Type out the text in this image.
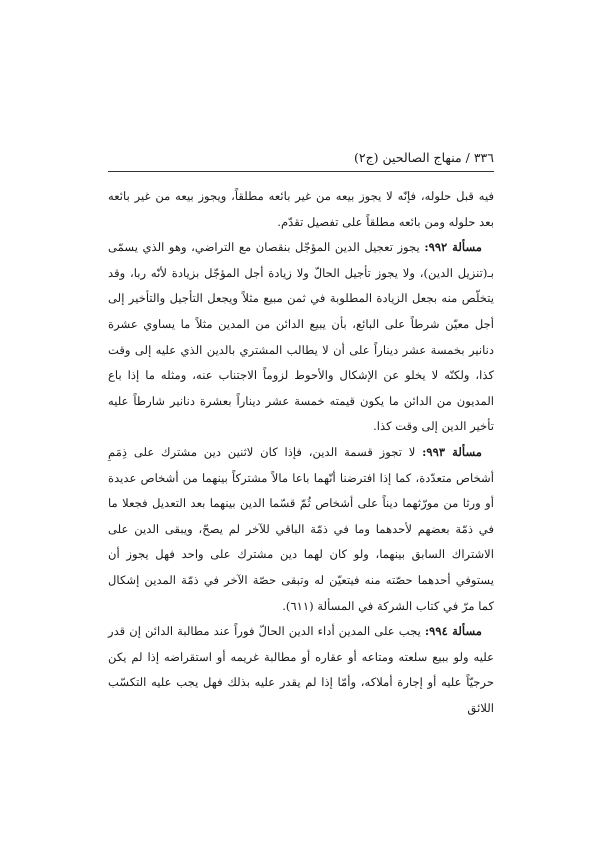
٣٣٦ / منهاج الصالحين (ج٢)

فيه قبل حلوله، فإنّه لا يجوز بيعه من غير بائعه مطلقاً، ويجوز بيعه من غير بائعه بعد حلوله ومن بائعه مطلقاً على تفصيل تقدّم.

مسألة ٩٩٢: يجوز تعجيل الدين المؤجّل بنقصان مع التراضي، وهو الذي يسمّى بـ(تنزيل الدين)، ولا يجوز تأجيل الحالّ ولا زيادة أجل المؤجّل بزيادة لأنّه ربا، وقد يتخلّص منه بجعل الزيادة المطلوبة في ثمن مبيع مثلاً ويجعل التأجيل والتأخير إلى أجل معيّن شرطاً على البائع، بأن يبيع الدائن من المدين مثلاً ما يساوي عشرة دنانير بخمسة عشر ديناراً على أن لا يطالب المشتري بالدين الذي عليه إلى وقت كذا، ولكنّه لا يخلو عن الإشكال والأحوط لزوماً الاجتناب عنه، ومثله ما إذا باع المديون من الدائن ما يكون قيمته خمسة عشر ديناراً بعشرة دنانير شارطاً عليه تأخير الدين إلى وقت كذا.

مسألة ٩٩٣: لا تجوز قسمة الدين، فإذا كان لاثنين دين مشترك على ذِمَمِ أشخاص متعدّدة، كما إذا افترضنا أنّهما باعا مالاً مشتركاً بينهما من أشخاص عديدة أو ورثا من مورّثهما ديناً على أشخاص ثُمّ قسّما الدين بينهما بعد التعديل فجعلا ما في ذمّة بعضهم لأحدهما وما في ذمّة الباقي للآخر لم يصحّ، ويبقى الدين على الاشتراك السابق بينهما، ولو كان لهما دين مشترك على واحد فهل يجوز أن يستوفي أحدهما حصّته منه فيتعيّن له وتبقى حصّة الآخر في ذمّة المدين إشكال كما مرّ في كتاب الشركة في المسألة (٦١١).

مسألة ٩٩٤: يجب على المدين أداء الدين الحالّ فوراً عند مطالبة الدائن إن قدر عليه ولو ببيع سلعته ومتاعه أو عقاره أو مطالبة غريمه أو استقراضه إذا لم يكن حرجيّاً عليه أو إجارة أملاكه، وأمّا إذا لم يقدر عليه بذلك فهل يجب عليه التكسّب اللائق
